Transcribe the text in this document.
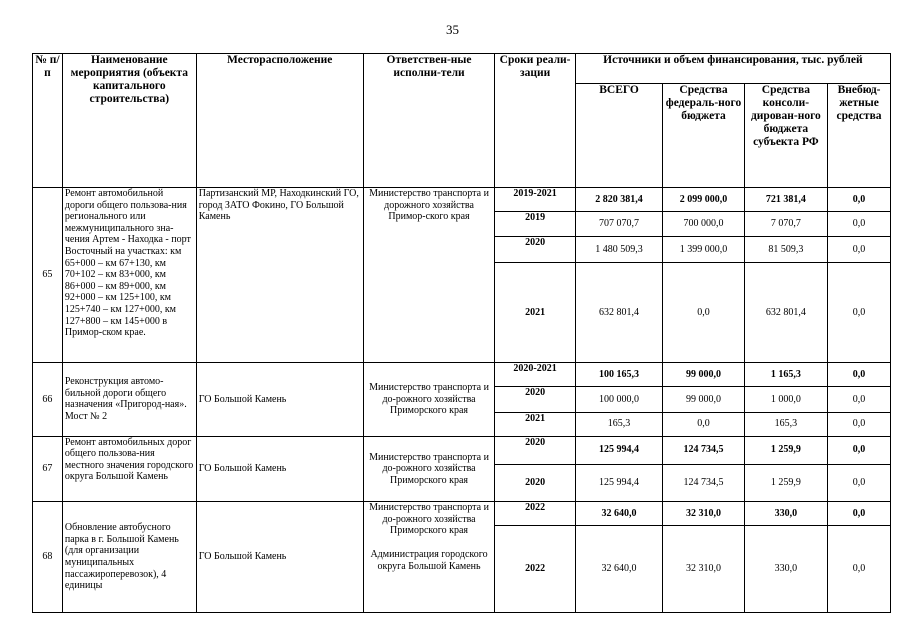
35
№ п/п	Наименование мероприятия (объекта капитального строительства)	Месторасположение	Ответствен-ные исполни-тели	Сроки реали-зации	Источники и объем финансирования, тыс. рублей			
					ВСЕГО	Средства федераль-ного бюджета	Средства консоли-дирован-ного бюджета субъекта РФ	Внебюд-жетные средства
65	Ремонт автомобильной дороги общего пользова-ния регионального или межмуниципального зна-чения Артем - Находка - порт Восточный на участках: км 65+000 – км 67+130, км 70+102 – км 83+000, км 86+000 – км 89+000, км 92+000 – км 125+100, км 125+740 – км 127+000, км 127+800 – км 145+000 в Примор-ском крае.	Партизанский МР, Находкинский ГО, город ЗАТО Фокино, ГО Большой Камень	Министерство транспорта и дорожного хозяйства Примор-ского края	2019-2021	2 820 381,4	2 099 000,0	721 381,4	0,0
				2019	707 070,7	700 000,0	7 070,7	0,0
				2020	1 480 509,3	1 399 000,0	81 509,3	0,0
				2021	632 801,4	0,0	632 801,4	0,0
66	Реконструкция автомо-бильной дороги общего назначения «Пригород-ная». Мост № 2	ГО Большой Камень	Министерство транспорта и до-рожного хозяйства Приморского края	2020-2021	100 165,3	99 000,0	1 165,3	0,0
				2020	100 000,0	99 000,0	1 000,0	0,0
				2021	165,3	0,0	165,3	0,0
67	Ремонт автомобильных дорог общего пользова-ния местного значения городского округа Большой Камень	ГО Большой Камень	Министерство транспорта и до-рожного хозяйства Приморского края	2020	125 994,4	124 734,5	1 259,9	0,0
				2020	125 994,4	124 734,5	1 259,9	0,0
68	Обновление автобусного парка в г. Большой Камень (для организации муниципальных пассажироперевозок), 4 единицы	ГО Большой Камень	Министерство транспорта и до-рожного хозяйства Приморского края
Администрация городского округа Большой Камень	2022	32 640,0	32 310,0	330,0	0,0
				2022	32 640,0	32 310,0	330,0	0,0
